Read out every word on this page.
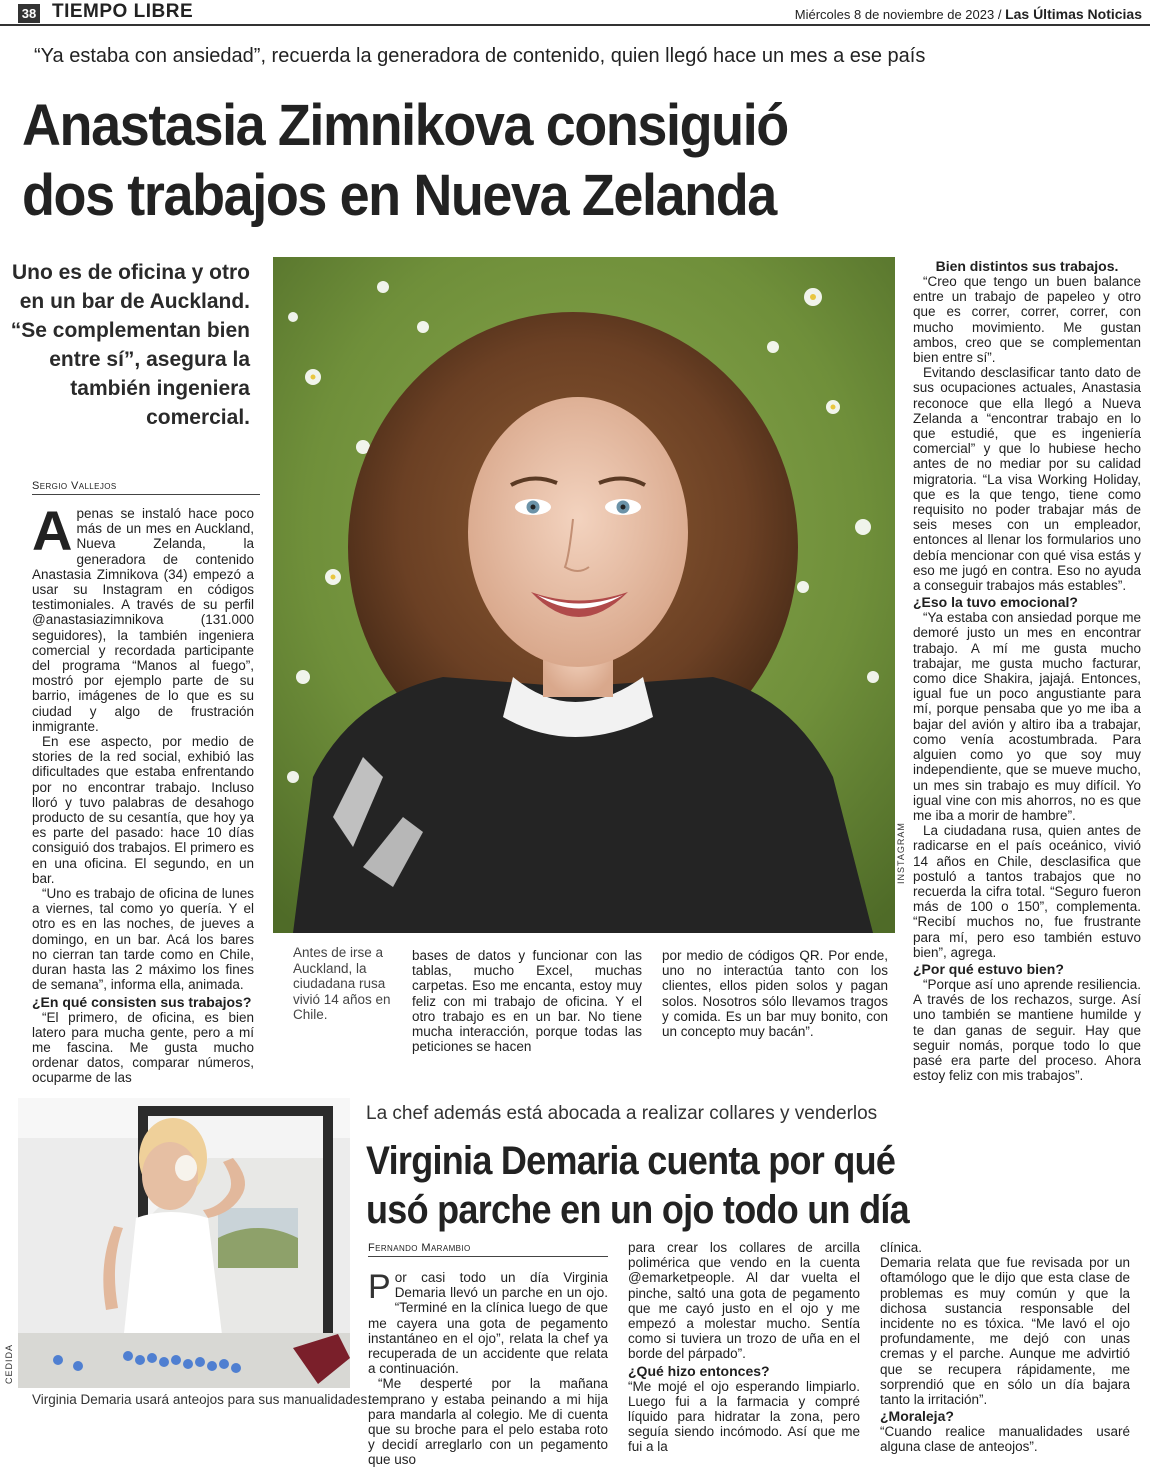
38 TIEMPO LIBRE	Miércoles 8 de noviembre de 2023 / Las Últimas Noticias
“Ya estaba con ansiedad”, recuerda la generadora de contenido, quien llegó hace un mes a ese país
Anastasia Zimnikova consiguió
dos trabajos en Nueva Zelanda
Uno es de oficina y otro en un bar de Auckland. “Se complementan bien entre sí”, asegura la también ingeniera comercial.
Sergio Vallejos

Apenas se instaló hace poco más de un mes en Auckland, Nueva Zelanda, la generadora de contenido Anastasia Zimnikova (34) empezó a usar su Instagram en códigos testimoniales. A través de su perfil @anastasiazimnikova (131.000 seguidores), la también ingeniera comercial y recordada participante del programa “Manos al fuego”, mostró por ejemplo parte de su barrio, imágenes de lo que es su ciudad y algo de frustración inmigrante.

En ese aspecto, por medio de stories de la red social, exhibió las dificultades que estaba enfrentando por no encontrar trabajo. Incluso lloró y tuvo palabras de desahogo producto de su cesantía, que hoy ya es parte del pasado: hace 10 días consiguió dos trabajos. El primero es en una oficina. El segundo, en un bar.

“Uno es trabajo de oficina de lunes a viernes, tal como yo quería. Y el otro es en las noches, de jueves a domingo, en un bar. Acá los bares no cierran tan tarde como en Chile, duran hasta las 2 máximo los fines de semana”, informa ella, animada.

¿En qué consisten sus trabajos?

“El primero, de oficina, es bien latero para mucha gente, pero a mí me fascina. Me gusta mucho ordenar datos, comparar números, ocuparme de las

INSTAGRAM
Antes de irse a Auckland, la ciudadana rusa vivió 14 años en Chile.

bases de datos y funcionar con las tablas, mucho Excel, muchas carpetas. Eso me encanta, estoy muy feliz con mi trabajo de oficina. Y el otro trabajo es en un bar. No tiene mucha interacción, porque todas las peticiones se hacen

por medio de códigos QR. Por ende, uno no interactúa tanto con los clientes, ellos piden solos y pagan solos. Nosotros sólo llevamos tragos y comida. Es un bar muy bonito, con un concepto muy bacán”.

Bien distintos sus trabajos.

“Creo que tengo un buen balance entre un trabajo de papeleo y otro que es correr, correr, correr, con mucho movimiento. Me gustan ambos, creo que se complementan bien entre sí”.

Evitando desclasificar tanto dato de sus ocupaciones actuales, Anastasia reconoce que ella llegó a Nueva Zelanda a “encontrar trabajo en lo que estudié, que es ingeniería comercial” y que lo hubiese hecho antes de no mediar por su calidad migratoria. “La visa Working Holiday, que es la que tengo, tiene como requisito no poder trabajar más de seis meses con un empleador, entonces al llenar los formularios uno debía mencionar con qué visa estás y eso me jugó en contra. Eso no ayuda a conseguir trabajos más estables”.

¿Eso la tuvo emocional?

“Ya estaba con ansiedad porque me demoré justo un mes en encontrar trabajo. A mí me gusta mucho trabajar, me gusta mucho facturar, como dice Shakira, jajajá. Entonces, igual fue un poco angustiante para mí, porque pensaba que yo me iba a bajar del avión y altiro iba a trabajar, como venía acostumbrada. Para alguien como yo que soy muy independiente, que se mueve mucho, un mes sin trabajo es muy difícil. Yo igual vine con mis ahorros, no es que me iba a morir de hambre”.

La ciudadana rusa, quien antes de radicarse en el país oceánico, vivió 14 años en Chile, desclasifica que postuló a tantos trabajos que no recuerda la cifra total. “Seguro fueron más de 100 o 150”, complementa. “Recibí muchos no, fue frustrante para mí, pero eso también estuvo bien”, agrega.

¿Por qué estuvo bien?

“Porque así uno aprende resiliencia. A través de los rechazos, surge. Así uno también se mantiene humilde y te dan ganas de seguir. Hay que seguir nomás, porque todo lo que pasé era parte del proceso. Ahora estoy feliz con mis trabajos”.

CEDIDA
Virginia Demaria usará anteojos para sus manualidades.
La chef además está abocada a realizar collares y venderlos
Virginia Demaria cuenta por qué
usó parche en un ojo todo un día
Fernando Marambio

Por casi todo un día Virginia Demaria llevó un parche en un ojo. “Terminé en la clínica luego de que me cayera una gota de pegamento instantáneo en el ojo”, relata la chef ya recuperada de un accidente que relata a continuación.

“Me desperté por la mañana temprano y estaba peinando a mi hija para mandarla al colegio. Me di cuenta que su broche para el pelo estaba roto y decidí arreglarlo con un pegamento que uso

para crear los collares de arcilla polimérica que vendo en la cuenta @emarketpeople. Al dar vuelta el pinche, saltó una gota de pegamento que me cayó justo en el ojo y me empezó a molestar mucho. Sentía como si tuviera un trozo de uña en el borde del párpado”.

¿Qué hizo entonces?

“Me mojé el ojo esperando limpiarlo. Luego fui a la farmacia y compré líquido para hidratar la zona, pero seguía siendo incómodo. Así que me fui a la

clínica.

Demaria relata que fue revisada por un oftamólogo que le dijo que esta clase de problemas es muy común y que la dichosa sustancia responsable del incidente no es tóxica. “Me lavó el ojo profundamente, me dejó con unas cremas y el parche. Aunque me advirtió que se recupera rápidamente, me sorprendió que en sólo un día bajara tanto la irritación”.

¿Moraleja?

“Cuando realice manualidades usaré alguna clase de anteojos”.
